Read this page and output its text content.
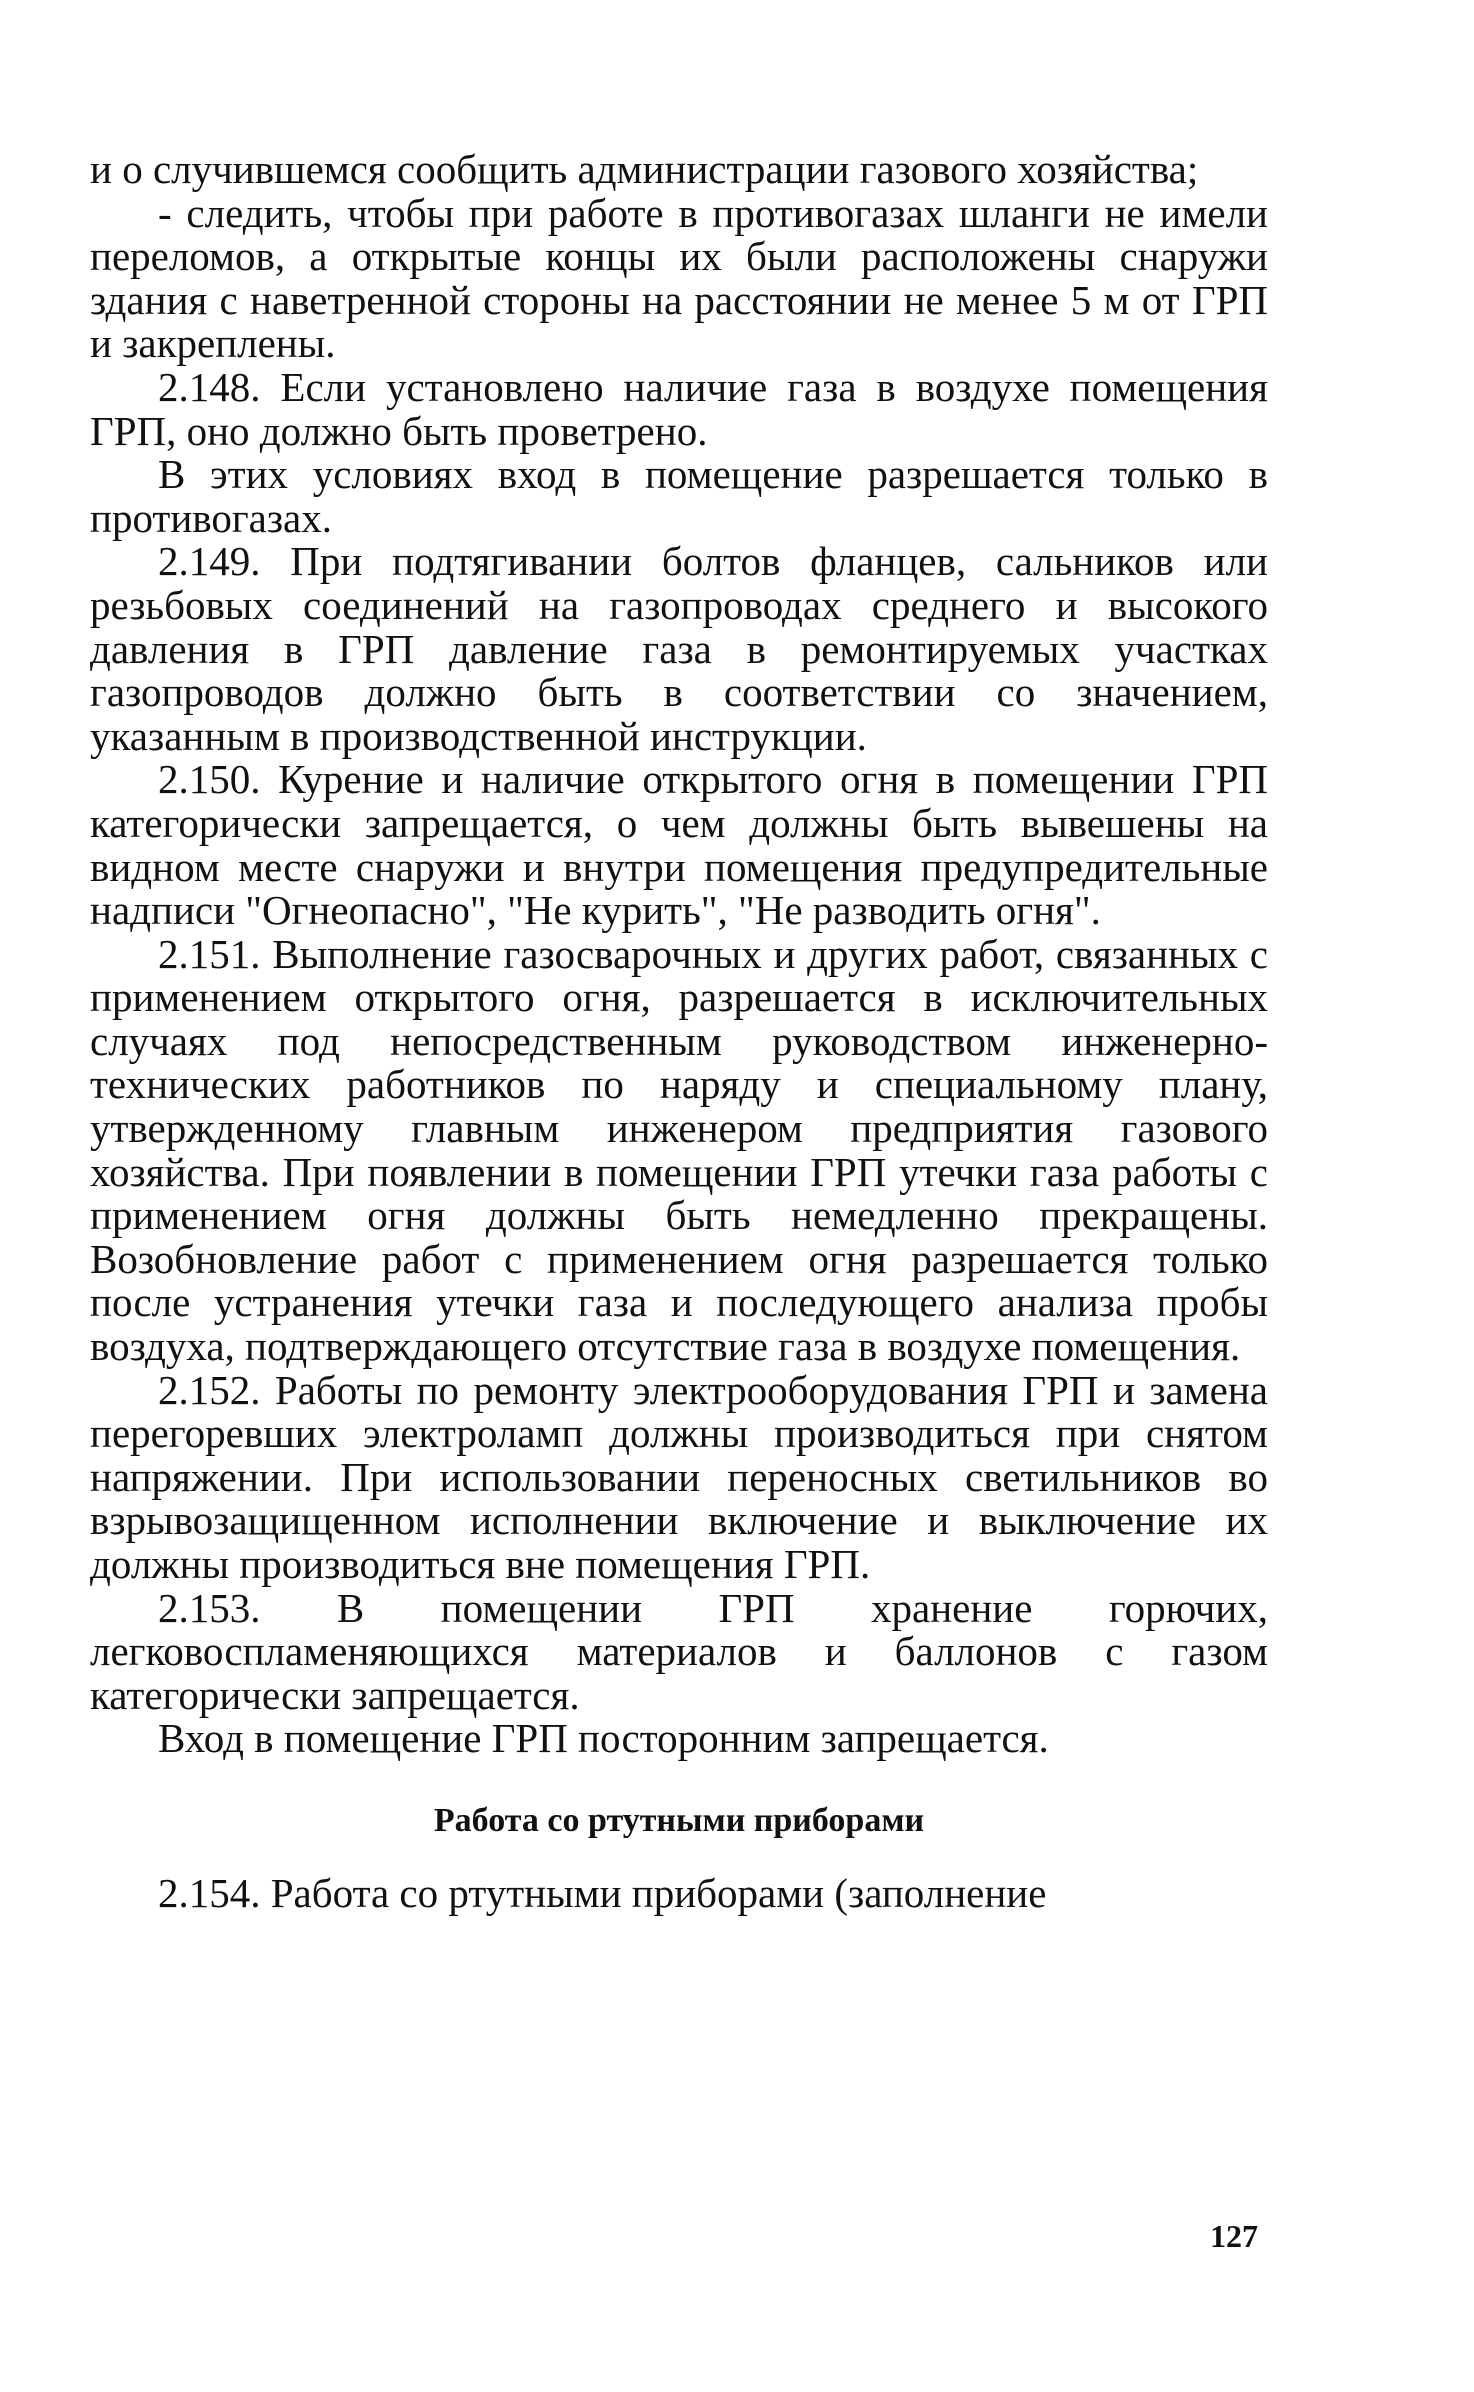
и о случившемся сообщить администрации газового хозяйства;

- следить, чтобы при работе в противогазах шланги не имели переломов, а открытые концы их были расположены снаружи здания с наветренной стороны на расстоянии не менее 5 м от ГРП и закреплены.

2.148. Если установлено наличие газа в воздухе помещения ГРП, оно должно быть проветрено.

В этих условиях вход в помещение разрешается только в противогазах.

2.149. При подтягивании болтов фланцев, сальников или резьбовых соединений на газопроводах среднего и высокого давления в ГРП давление газа в ремонтируемых участках газопроводов должно быть в соответствии со значением, указанным в производственной инструкции.

2.150. Курение и наличие открытого огня в помещении ГРП категорически запрещается, о чем должны быть вывешены на видном месте снаружи и внутри помещения предупредительные надписи "Огнеопасно", "Не курить", "Не разводить огня".

2.151. Выполнение газосварочных и других работ, связанных с применением открытого огня, разрешается в исключительных случаях под непосредственным руководством инженерно-технических работников по наряду и специальному плану, утвержденному главным инженером предприятия газового хозяйства. При появлении в помещении ГРП утечки газа работы с применением огня должны быть немедленно прекращены. Возобновление работ с применением огня разрешается только после устранения утечки газа и последующего анализа пробы воздуха, подтверждающего отсутствие газа в воздухе помещения.

2.152. Работы по ремонту электрооборудования ГРП и замена перегоревших электроламп должны производиться при снятом напряжении. При использовании переносных светильников во взрывозащищенном исполнении включение и выключение их должны производиться вне помещения ГРП.

2.153. В помещении ГРП хранение горючих, легковоспламеняющихся материалов и баллонов с газом категорически запрещается.

Вход в помещение ГРП посторонним запрещается.

Работа со ртутными приборами

2.154. Работа со ртутными приборами (заполнение

127
